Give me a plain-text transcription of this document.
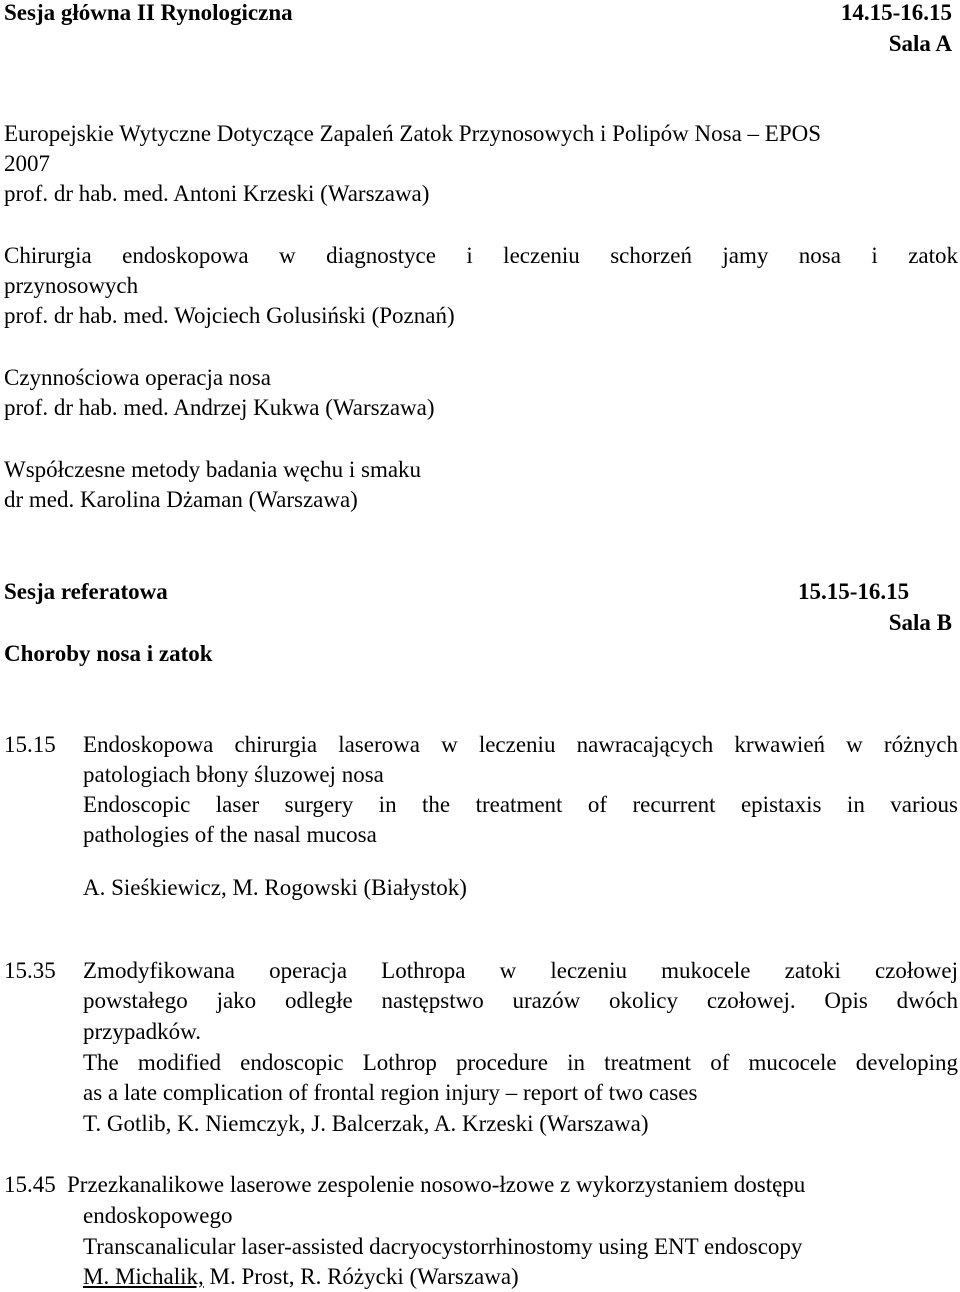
Sesja główna II Rynologiczna	14.15-16.15
Sala A
Europejskie Wytyczne Dotyczące Zapaleń Zatok Przynosowych i Polipów Nosa – EPOS
2007
prof. dr hab. med. Antoni Krzeski (Warszawa)
Chirurgia endoskopowa w diagnostyce i leczeniu schorzeń jamy nosa i zatok
przynosowych
prof. dr hab. med. Wojciech Golusiński (Poznań)
Czynnościowa operacja nosa
prof. dr hab. med. Andrzej Kukwa (Warszawa)
Współczesne metody badania węchu i smaku
dr med. Karolina Dżaman (Warszawa)
Sesja referatowa	15.15-16.15
Sala B
Choroby nosa i zatok
15.15 Endoskopowa chirurgia laserowa w leczeniu nawracających krwawień w różnych
patologiach błony śluzowej nosa
Endoscopic laser surgery in the treatment of recurrent epistaxis in various
pathologies of the nasal mucosa
A. Sieśkiewicz, M. Rogowski (Białystok)
15.35 Zmodyfikowana operacja Lothropa w leczeniu mukocele zatoki czołowej
powstałego jako odległe następstwo urazów okolicy czołowej. Opis dwóch
przypadków.
The modified endoscopic Lothrop procedure in treatment of mucocele developing
as a late complication of frontal region injury – report of two cases
T. Gotlib, K. Niemczyk, J. Balcerzak, A. Krzeski (Warszawa)
15.45 Przezkanalikowe laserowe zespolenie nosowo-łzowe z wykorzystaniem dostępu
endoskopowego
Transcanalicular laser-assisted dacryocystorrhinostomy using ENT endoscopy
M. Michalik, M. Prost, R. Różycki (Warszawa)
